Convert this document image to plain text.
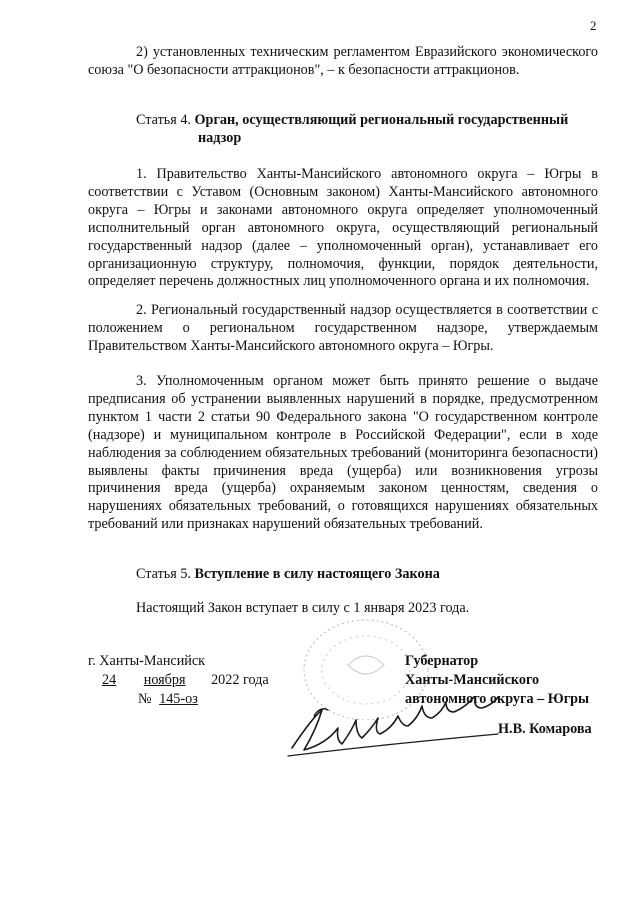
2

2) установленных техническим регламентом Евразийского экономического союза "О безопасности аттракционов", – к безопасности аттракционов.

Статья 4. Орган, осуществляющий региональный государственный

надзор

1. Правительство Ханты-Мансийского автономного округа – Югры в соответствии с Уставом (Основным законом) Ханты-Мансийского автономного округа – Югры и законами автономного округа определяет уполномоченный исполнительный орган автономного округа, осуществляющий региональный государственный надзор (далее – уполномоченный орган), устанавливает его организационную структуру, полномочия, функции, порядок деятельности, определяет перечень должностных лиц уполномоченного органа и их полномочия.

2. Региональный государственный надзор осуществляется в соответствии с положением о региональном государственном надзоре, утверждаемым Правительством Ханты-Мансийского автономного округа – Югры.

3. Уполномоченным органом может быть принято решение о выдаче предписания об устранении выявленных нарушений в порядке, предусмотренном пунктом 1 части 2 статьи 90 Федерального закона "О государственном контроле (надзоре) и муниципальном контроле в Российской Федерации", если в ходе наблюдения за соблюдением обязательных требований (мониторинга безопасности) выявлены факты причинения вреда (ущерба) или возникновения угрозы причинения вреда (ущерба) охраняемым законом ценностям, сведения о нарушениях обязательных требований, о готовящихся нарушениях обязательных требований или признаках нарушений обязательных требований.

Статья 5. Вступление в силу настоящего Закона

Настоящий Закон вступает в силу с 1 января 2023 года.

г. Ханты-Мансийск
24 ноября 2022 года
№ 145-оз
Губернатор
Ханты-Мансийского
автономного округа – Югры
Н.В. Комарова
